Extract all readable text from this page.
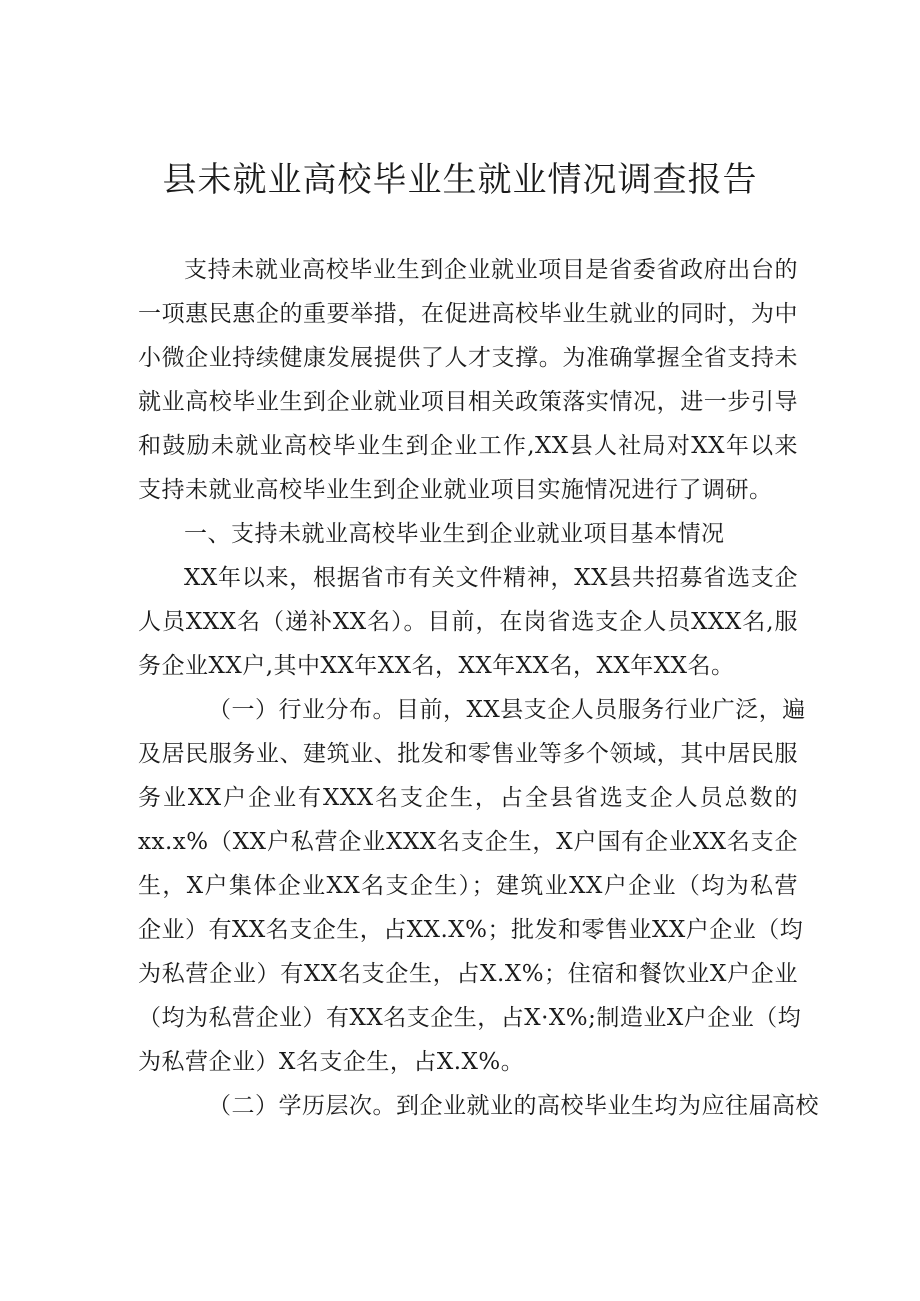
县未就业高校毕业生就业情况调查报告
支持未就业高校毕业生到企业就业项目是省委省政府出台的
一项惠民惠企的重要举措，在促进高校毕业生就业的同时，为中
小微企业持续健康发展提供了人才支撑。为准确掌握全省支持未
就业高校毕业生到企业就业项目相关政策落实情况，进一步引导
和鼓励未就业高校毕业生到企业工作,XX县人社局对XX年以来
支持未就业高校毕业生到企业就业项目实施情况进行了调研。
一、支持未就业高校毕业生到企业就业项目基本情况
XX年以来，根据省市有关文件精神，XX县共招募省选支企
人员XXX名（递补XX名）。目前，在岗省选支企人员XXX名,服
务企业XX户,其中XX年XX名，XX年XX名，XX年XX名。
（一）行业分布。目前，XX县支企人员服务行业广泛，遍
及居民服务业、建筑业、批发和零售业等多个领域，其中居民服
务业XX户企业有XXX名支企生，占全县省选支企人员总数的
xx.x%（XX户私营企业XXX名支企生，X户国有企业XX名支企
生，X户集体企业XX名支企生）；建筑业XX户企业（均为私营
企业）有XX名支企生，占XX.X%；批发和零售业XX户企业（均
为私营企业）有XX名支企生，占X.X%；住宿和餐饮业X户企业
（均为私营企业）有XX名支企生，占X·X%;制造业X户企业（均
为私营企业）X名支企生，占X.X%。
（二）学历层次。到企业就业的高校毕业生均为应往届高校
